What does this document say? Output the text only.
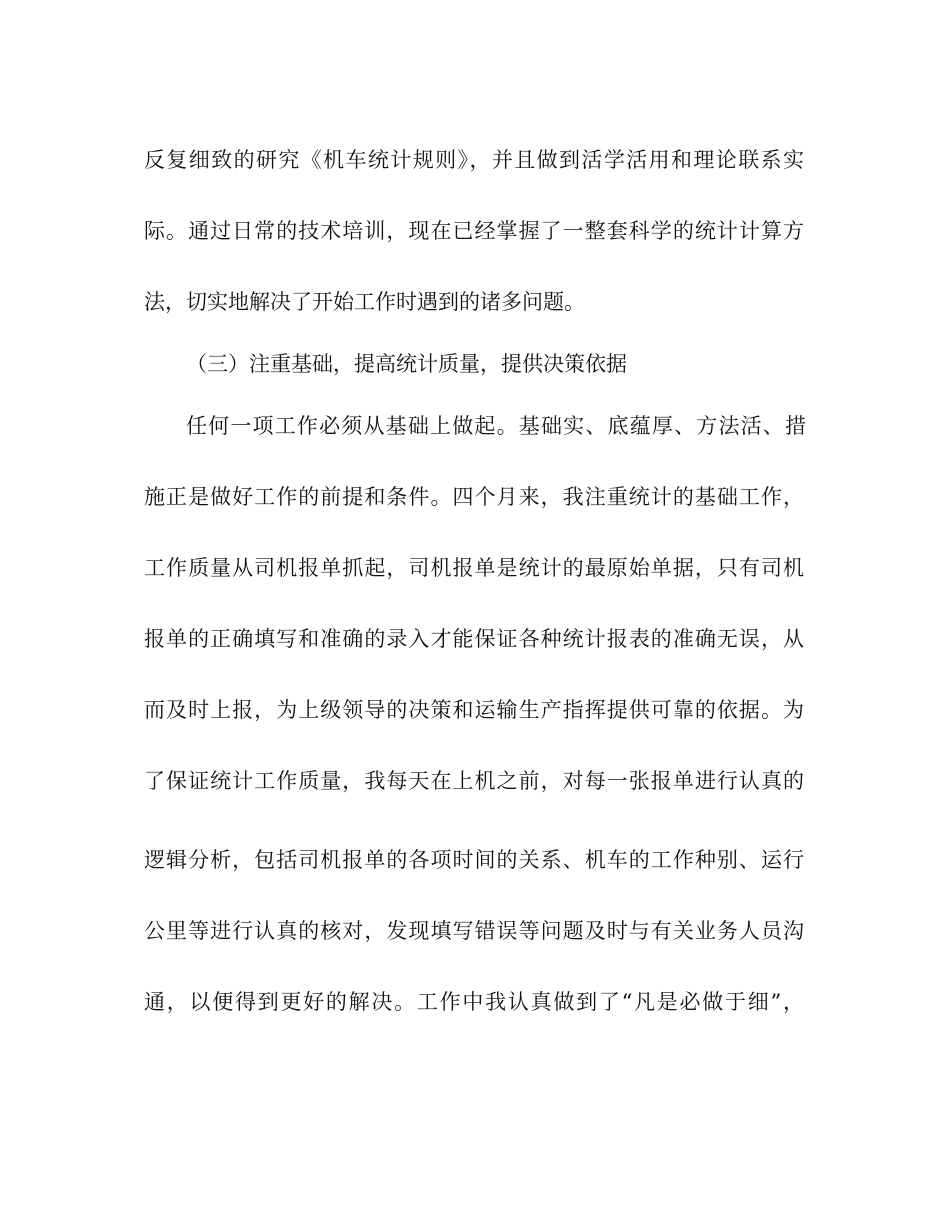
反复细致的研究《机车统计规则》，并且做到活学活用和理论联系实
际。通过日常的技术培训，现在已经掌握了一整套科学的统计计算方
法，切实地解决了开始工作时遇到的诸多问题。
（三）注重基础，提高统计质量，提供决策依据
任何一项工作必须从基础上做起。基础实、底蕴厚、方法活、措
施正是做好工作的前提和条件。四个月来，我注重统计的基础工作，
工作质量从司机报单抓起，司机报单是统计的最原始单据，只有司机
报单的正确填写和准确的录入才能保证各种统计报表的准确无误，从
而及时上报，为上级领导的决策和运输生产指挥提供可靠的依据。为
了保证统计工作质量，我每天在上机之前，对每一张报单进行认真的
逻辑分析，包括司机报单的各项时间的关系、机车的工作种别、运行
公里等进行认真的核对，发现填写错误等问题及时与有关业务人员沟
通，以便得到更好的解决。工作中我认真做到了“凡是必做于细”，
